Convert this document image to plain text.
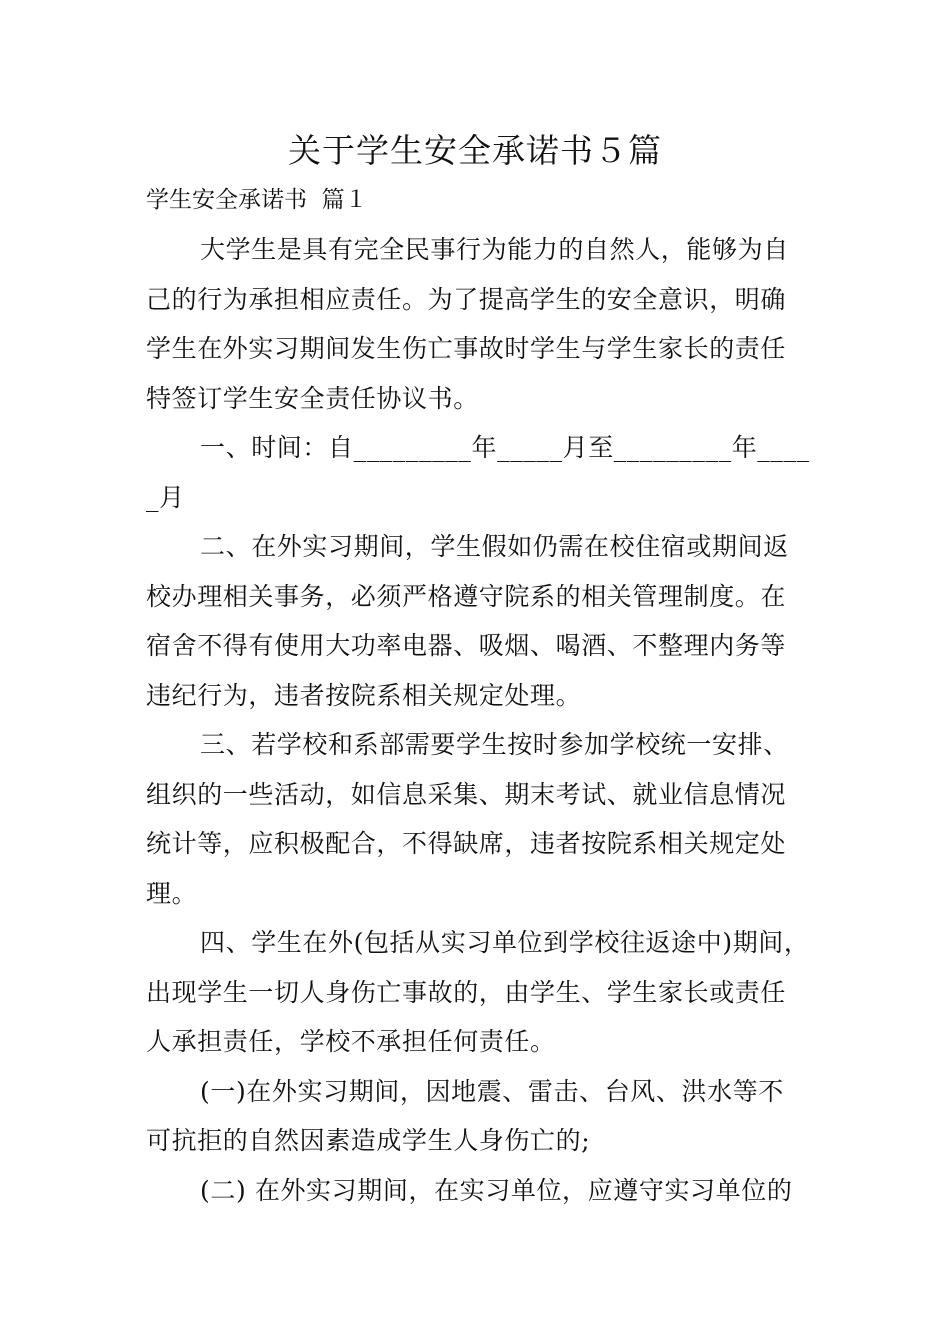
关于学生安全承诺书５篇
学生安全承诺书  篇１
大学生是具有完全民事行为能力的自然人，能够为自
己的行为承担相应责任。为了提高学生的安全意识，明确
学生在外实习期间发生伤亡事故时学生与学生家长的责任
特签订学生安全责任协议书。
一、时间：自_________年_____月至_________年____
_月
二、在外实习期间，学生假如仍需在校住宿或期间返
校办理相关事务，必须严格遵守院系的相关管理制度。在
宿舍不得有使用大功率电器、吸烟、喝酒、不整理内务等
违纪行为，违者按院系相关规定处理。
三、若学校和系部需要学生按时参加学校统一安排、
组织的一些活动，如信息采集、期末考试、就业信息情况
统计等，应积极配合，不得缺席，违者按院系相关规定处
理。
四、学生在外(包括从实习单位到学校往返途中)期间，
出现学生一切人身伤亡事故的，由学生、学生家长或责任
人承担责任，学校不承担任何责任。
(一)在外实习期间，因地震、雷击、台风、洪水等不
可抗拒的自然因素造成学生人身伤亡的;
(二) 在外实习期间，在实习单位，应遵守实习单位的
